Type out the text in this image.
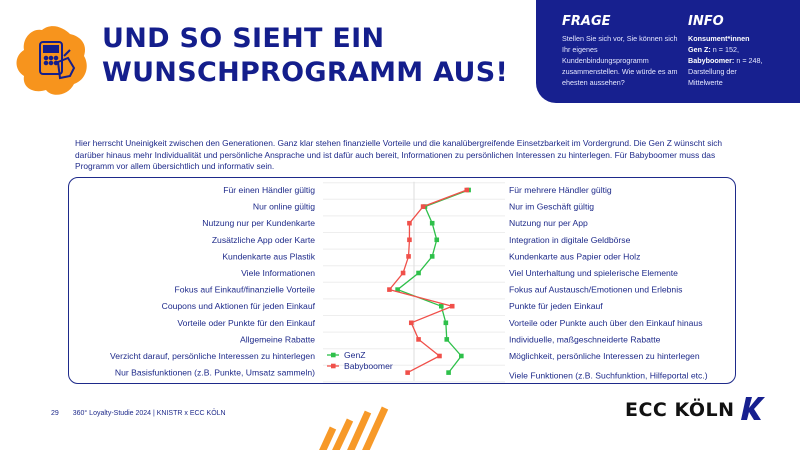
UND SO SIEHT EIN
WUNSCHPROGRAMM AUS!
FRAGE

Stellen Sie sich vor, Sie können sich Ihr eigenes Kundenbindungsprogramm zusammenstellen. Wie würde es am ehesten aussehen?

INFO

Konsument*innen
Gen Z: n = 152,
Babyboomer: n = 248,
Darstellung der
Mittelwerte

Hier herrscht Uneinigkeit zwischen den Generationen. Ganz klar stehen finanzielle Vorteile und die kanalübergreifende Einsetzbarkeit im Vordergrund. Die Gen Z wünscht sich darüber hinaus mehr Individualität und persönliche Ansprache und ist dafür auch bereit, Informationen zu persönlichen Interessen zu hinterlegen. Für Babyboomer muss das Programm vor allem übersichtlich und informativ sein.
Für einen Händler gültig
Nur online gültig
Nutzung nur per Kundenkarte
Zusätzliche App oder Karte
Kundenkarte aus Plastik
Viele Informationen
Fokus auf Einkauf/finanzielle Vorteile
Coupons und Aktionen für jeden Einkauf
Vorteile oder Punkte für den Einkauf
Allgemeine Rabatte
Verzicht darauf, persönliche Interessen zu hinterlegen
Nur Basisfunktionen (z.B. Punkte, Umsatz sammeln)
Für mehrere Händler gültig
Nur im Geschäft gültig
Nutzung nur per App
Integration in digitale Geldbörse
Kundenkarte aus Papier oder Holz
Viel Unterhaltung und spielerische Elemente
Fokus auf Austausch/Emotionen und Erlebnis
Punkte für jeden Einkauf
Vorteile oder Punkte auch über den Einkauf hinaus
Individuelle, maßgeschneiderte Rabatte
Möglichkeit, persönliche Interessen zu hinterlegen
Viele Funktionen (z.B. Suchfunktion, Hilfeportal etc.)
GenZ
Babyboomer
29 360° Loyalty-Studie 2024 | KNISTR x ECC KÖLN	ECC KÖLN
